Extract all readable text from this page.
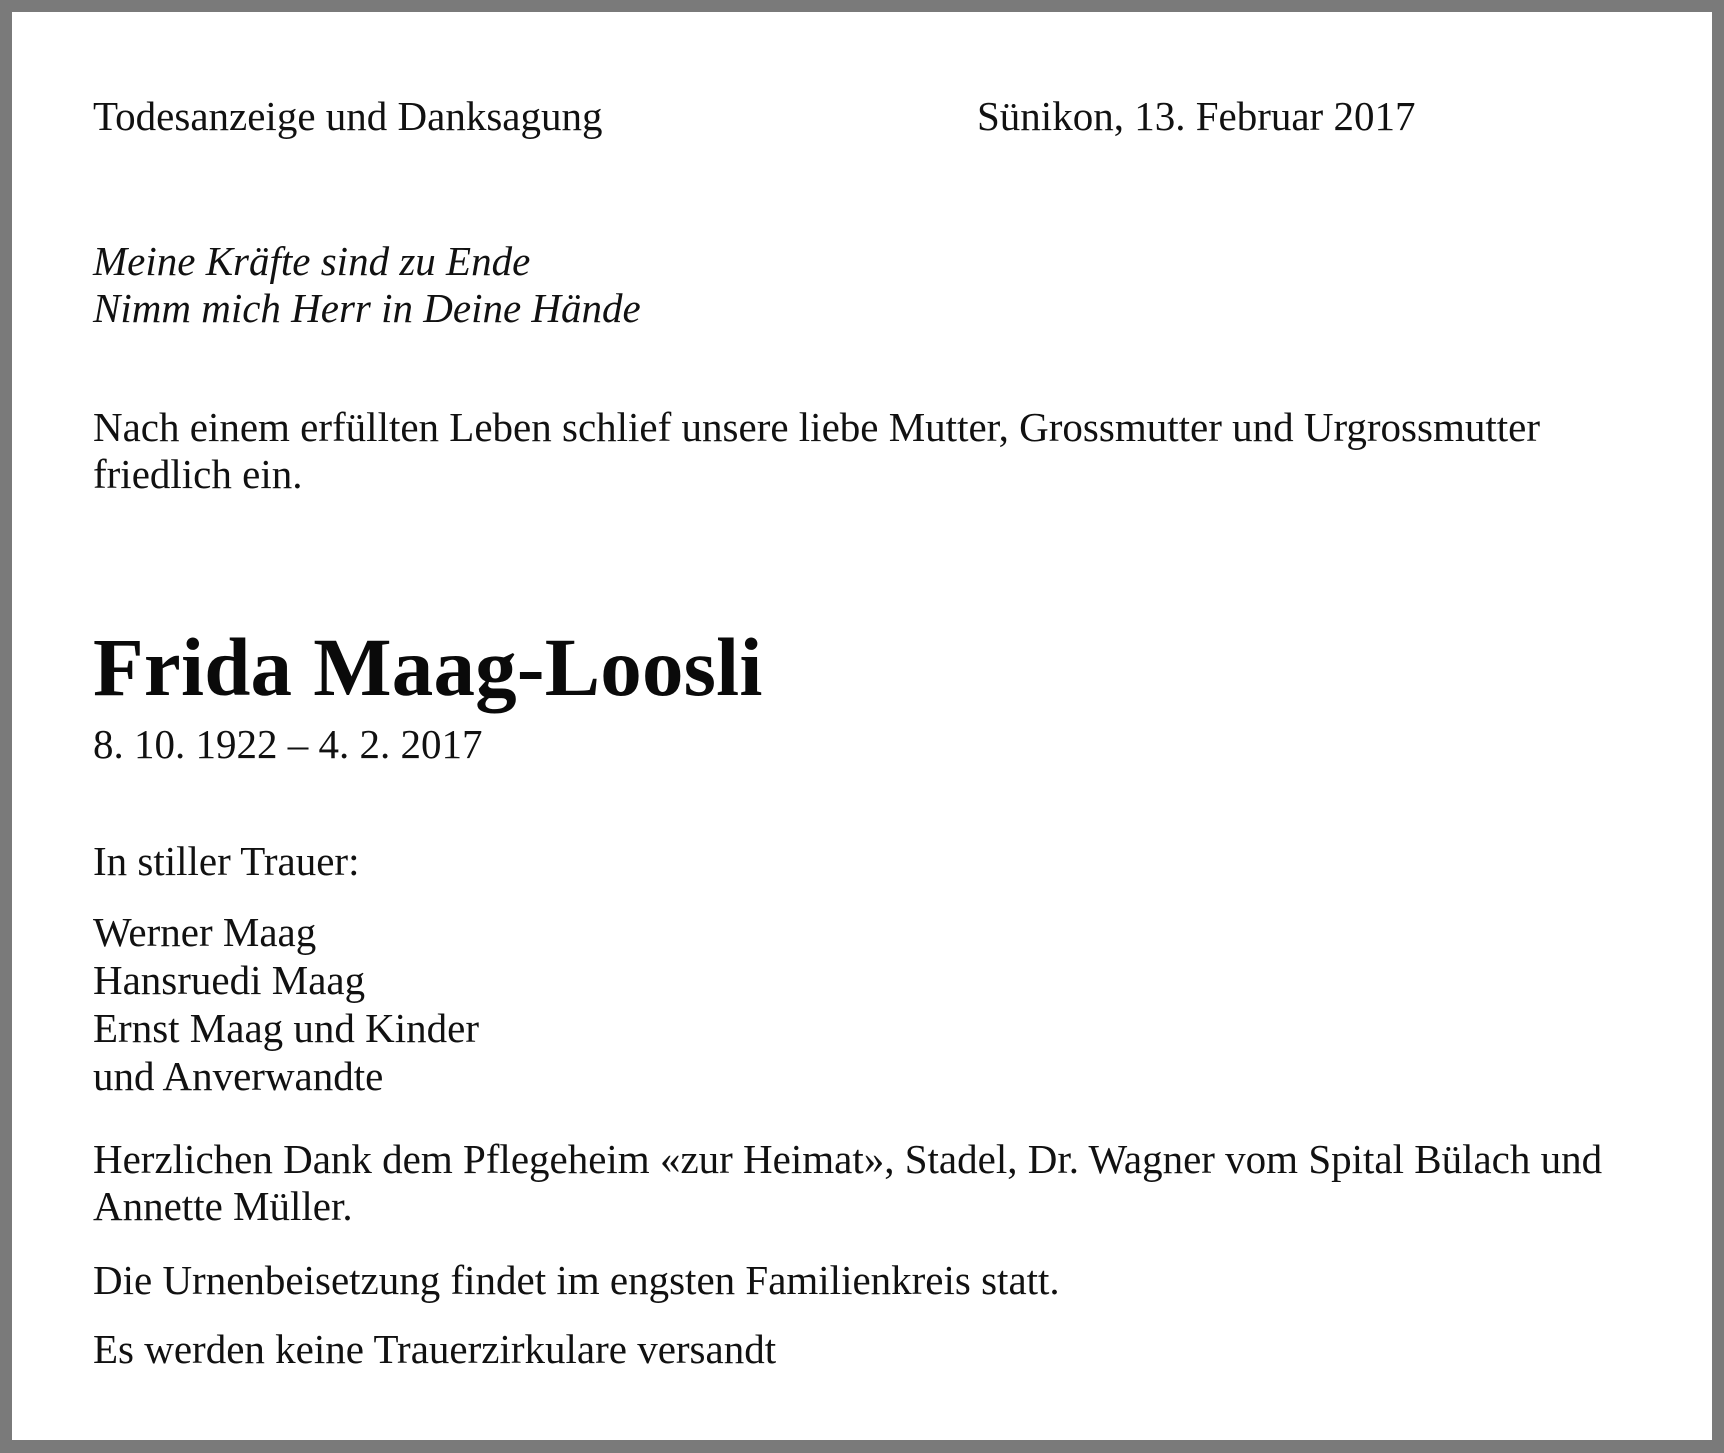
Todesanzeige und Danksagung	Sünikon, 13. Februar 2017
Meine Kräfte sind zu Ende
Nimm mich Herr in Deine Hände
Nach einem erfüllten Leben schlief unsere liebe Mutter, Grossmutter und Urgrossmutter friedlich ein.
Frida Maag-Loosli
8. 10. 1922 – 4. 2. 2017
In stiller Trauer:
Werner Maag
Hansruedi Maag
Ernst Maag und Kinder
und Anverwandte
Herzlichen Dank dem Pflegeheim «zur Heimat», Stadel, Dr. Wagner vom Spital Bülach und Annette Müller.
Die Urnenbeisetzung findet im engsten Familienkreis statt.
Es werden keine Trauerzirkulare versandt
